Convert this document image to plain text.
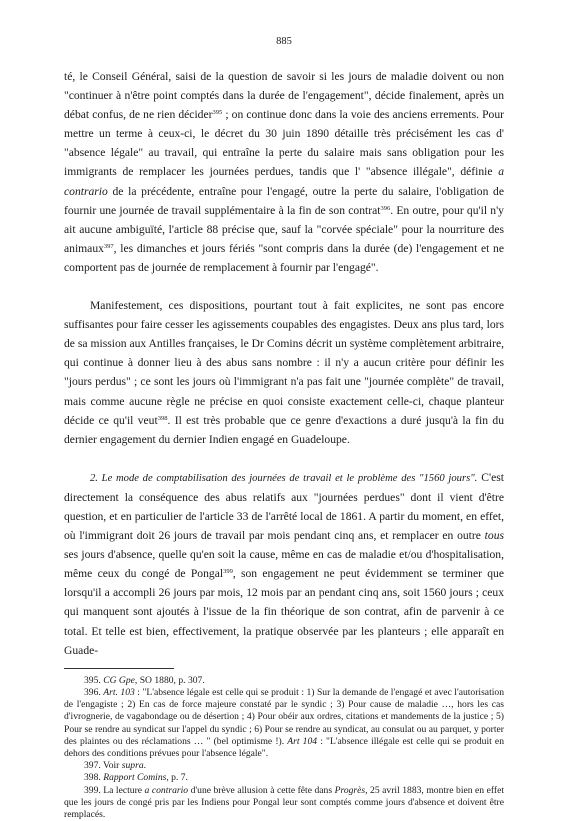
885

té, le Conseil Général, saisi de la question de savoir si les jours de maladie doivent ou non "continuer à n'être point comptés dans la durée de l'engagement", décide finalement, après un débat confus, de ne rien décider$^{395}$ ; on continue donc dans la voie des anciens errements. Pour mettre un terme à ceux-ci, le décret du 30 juin 1890 détaille très précisément les cas d' "absence légale" au travail, qui entraîne la perte du salaire mais sans obligation pour les immigrants de remplacer les journées perdues, tandis que l' "absence illégale", définie a contrario de la précédente, entraîne pour l'engagé, outre la perte du salaire, l'obligation de fournir une journée de travail supplémentaire à la fin de son contrat$^{396}$. En outre, pour qu'il n'y ait aucune ambiguïté, l'article 88 précise que, sauf la "corvée spéciale" pour la nourriture des animaux$^{397}$, les dimanches et jours fériés "sont compris dans la durée (de) l'engagement et ne comportent pas de journée de remplacement à fournir par l'engagé".

Manifestement, ces dispositions, pourtant tout à fait explicites, ne sont pas encore suffisantes pour faire cesser les agissements coupables des engagistes. Deux ans plus tard, lors de sa mission aux Antilles françaises, le Dr Comins décrit un système complètement arbitraire, qui continue à donner lieu à des abus sans nombre : il n'y a aucun critère pour définir les "jours perdus" ; ce sont les jours où l'immigrant n'a pas fait une "journée complète" de travail, mais comme aucune règle ne précise en quoi consiste exactement celle-ci, chaque planteur décide ce qu'il veut$^{398}$. Il est très probable que ce genre d'exactions a duré jusqu'à la fin du dernier engagement du dernier Indien engagé en Guadeloupe.

2. Le mode de comptabilisation des journées de travail et le problème des "1560 jours". C'est directement la conséquence des abus relatifs aux "journées perdues" dont il vient d'être question, et en particulier de l'article 33 de l'arrêté local de 1861. A partir du moment, en effet, où l'immigrant doit 26 jours de travail par mois pendant cinq ans, et remplacer en outre tous ses jours d'absence, quelle qu'en soit la cause, même en cas de maladie et/ou d'hospitalisation, même ceux du congé de Pongal$^{399}$, son engagement ne peut évidemment se terminer que lorsqu'il a accompli 26 jours par mois, 12 mois par an pendant cinq ans, soit 1560 jours ; ceux qui manquent sont ajoutés à l'issue de la fin théorique de son contrat, afin de parvenir à ce total. Et telle est bien, effectivement, la pratique observée par les planteurs ; elle apparaît en Guade-

395. CG Gpe, SO 1880, p. 307.

396. Art. 103 : "L'absence légale est celle qui se produit : 1) Sur la demande de l'engagé et avec l'autorisation de l'engagiste ; 2) En cas de force majeure constaté par le syndic ; 3) Pour cause de maladie …, hors les cas d'ivrognerie, de vagabondage ou de désertion ; 4) Pour obéir aux ordres, citations et mandements de la justice ; 5) Pour se rendre au syndicat sur l'appel du syndic ; 6) Pour se rendre au syndicat, au consulat ou au parquet, y porter des plaintes ou des réclamations … " (bel optimisme !). Art 104 : "L'absence illégale est celle qui se produit en dehors des conditions prévues pour l'absence légale".

397. Voir supra.

398. Rapport Comins, p. 7.

399. La lecture a contrario d'une brève allusion à cette fête dans Progrès, 25 avril 1883, montre bien en effet que les jours de congé pris par les Indiens pour Pongal leur sont comptés comme jours d'absence et doivent être remplacés.
